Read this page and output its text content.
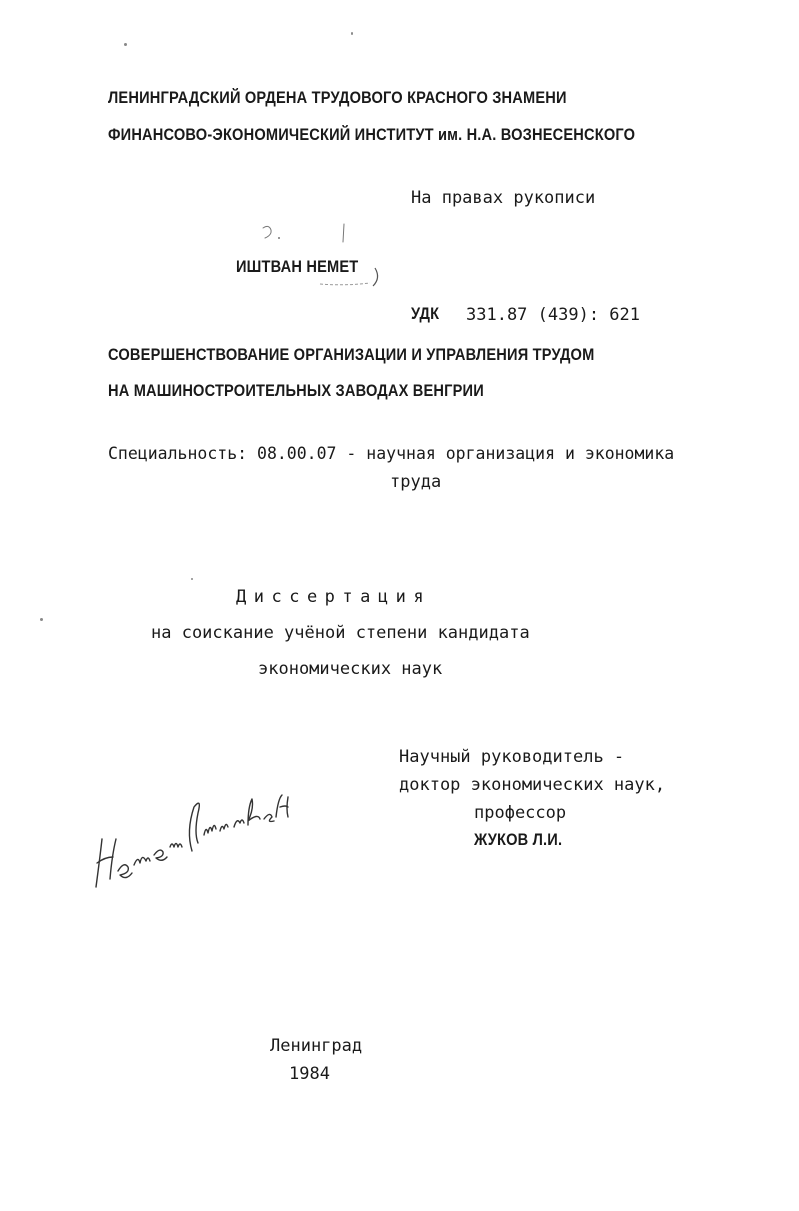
ЛЕНИНГРАДСКИЙ ОРДЕНА ТРУДОВОГО КРАСНОГО ЗНАМЕНИ
ФИНАНСОВО-ЭКОНОМИЧЕСКИЙ ИНСТИТУТ им. Н.А. ВОЗНЕСЕНСКОГО
На правах рукописи
ИШТВАН НЕМЕТ
УДК 331.87 (439): 621
СОВЕРШЕНСТВОВАНИЕ ОРГАНИЗАЦИИ И УПРАВЛЕНИЯ ТРУДОМ
НА МАШИНОСТРОИТЕЛЬНЫХ ЗАВОДАХ ВЕНГРИИ
Специальность: 08.00.07 - научная организация и экономика
труда
Диссертация
на соискание учёной степени кандидата
экономических наук
Научный руководитель -
доктор экономических наук,
профессор
ЖУКОВ Л.И.
Ленинград
1984
